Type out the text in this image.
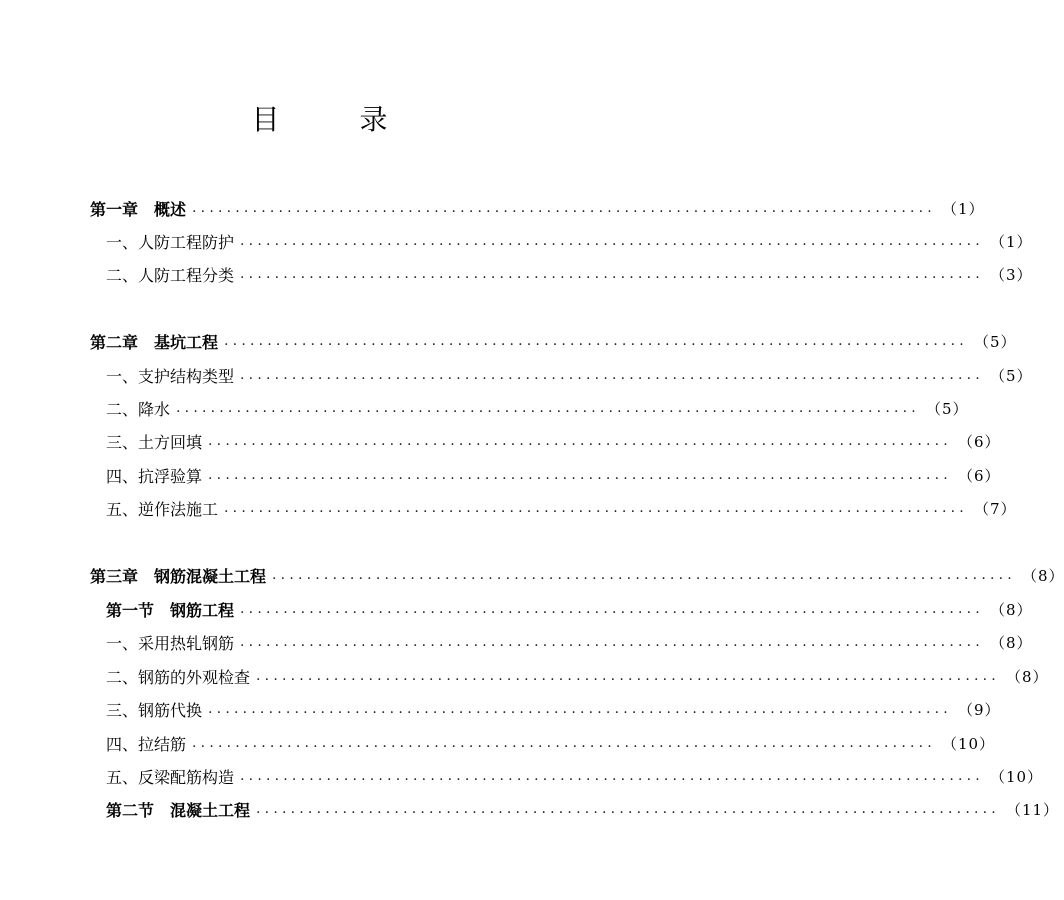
目　录
第一章　概述 ...................................................................................... （1）
一、人防工程防护 ...................................................................................... （1）
二、人防工程分类 ...................................................................................... （3）
第二章　基坑工程 ...................................................................................... （5）
一、支护结构类型 ...................................................................................... （5）
二、降水 ...................................................................................... （5）
三、土方回填 ...................................................................................... （6）
四、抗浮验算 ...................................................................................... （6）
五、逆作法施工 ...................................................................................... （7）
第三章　钢筋混凝土工程 ...................................................................................... （8）
第一节　钢筋工程 ...................................................................................... （8）
一、采用热轧钢筋 ...................................................................................... （8）
二、钢筋的外观检查 ...................................................................................... （8）
三、钢筋代换 ...................................................................................... （9）
四、拉结筋 ...................................................................................... （10）
五、反梁配筋构造 ...................................................................................... （10）
第二节　混凝土工程 ...................................................................................... （11）
